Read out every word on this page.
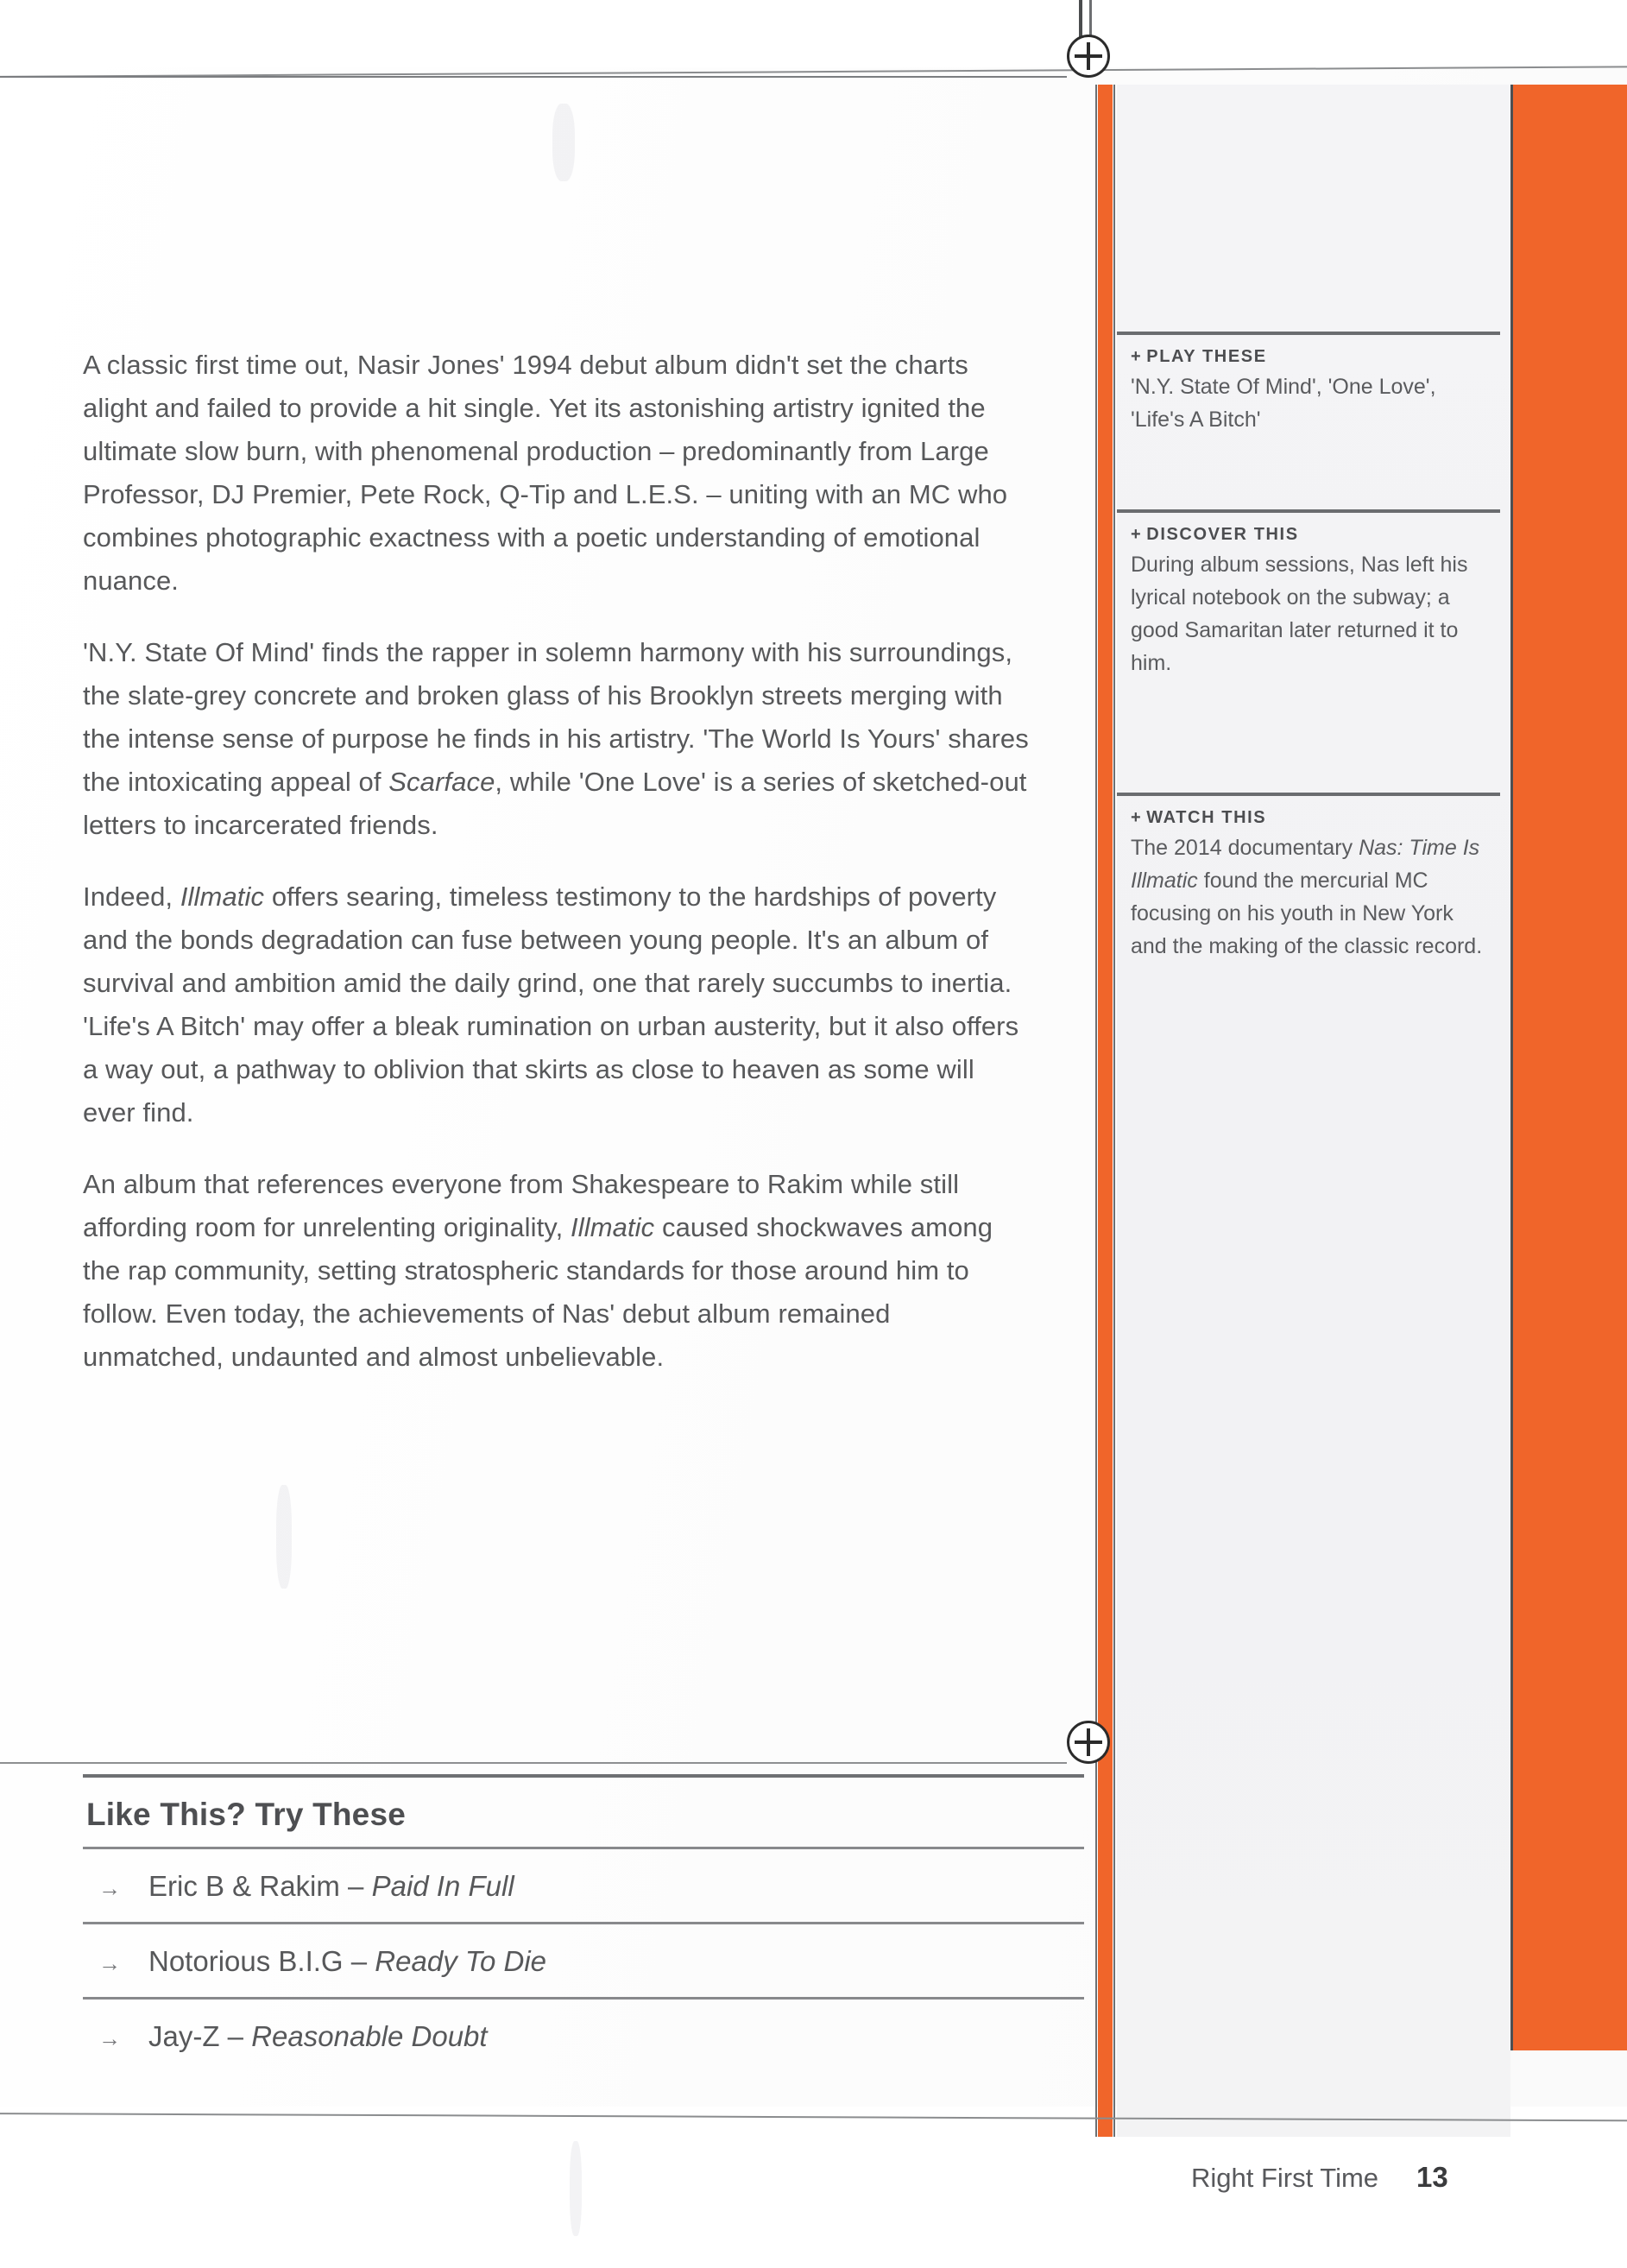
A classic first time out, Nasir Jones' 1994 debut album didn't set the charts alight and failed to provide a hit single. Yet its astonishing artistry ignited the ultimate slow burn, with phenomenal production – predominantly from Large Professor, DJ Premier, Pete Rock, Q-Tip and L.E.S. – uniting with an MC who combines photographic exactness with a poetic understanding of emotional nuance.

'N.Y. State Of Mind' finds the rapper in solemn harmony with his surroundings, the slate-grey concrete and broken glass of his Brooklyn streets merging with the intense sense of purpose he finds in his artistry. 'The World Is Yours' shares the intoxicating appeal of Scarface, while 'One Love' is a series of sketched-out letters to incarcerated friends.

Indeed, Illmatic offers searing, timeless testimony to the hardships of poverty and the bonds degradation can fuse between young people. It's an album of survival and ambition amid the daily grind, one that rarely succumbs to inertia. 'Life's A Bitch' may offer a bleak rumination on urban austerity, but it also offers a way out, a pathway to oblivion that skirts as close to heaven as some will ever find.

An album that references everyone from Shakespeare to Rakim while still affording room for unrelenting originality, Illmatic caused shockwaves among the rap community, setting stratospheric standards for those around him to follow. Even today, the achievements of Nas' debut album remained unmatched, undaunted and almost unbelievable.

+ PLAY THESE
'N.Y. State Of Mind', 'One Love', 'Life's A Bitch'
+ DISCOVER THIS
During album sessions, Nas left his lyrical notebook on the subway; a good Samaritan later returned it to him.
+ WATCH THIS
The 2014 documentary Nas: Time Is Illmatic found the mercurial MC focusing on his youth in New York and the making of the classic record.
Like This? Try These
→ Eric B & Rakim – Paid In Full
→ Notorious B.I.G – Ready To Die
→ Jay-Z – Reasonable Doubt
Right First Time 13
